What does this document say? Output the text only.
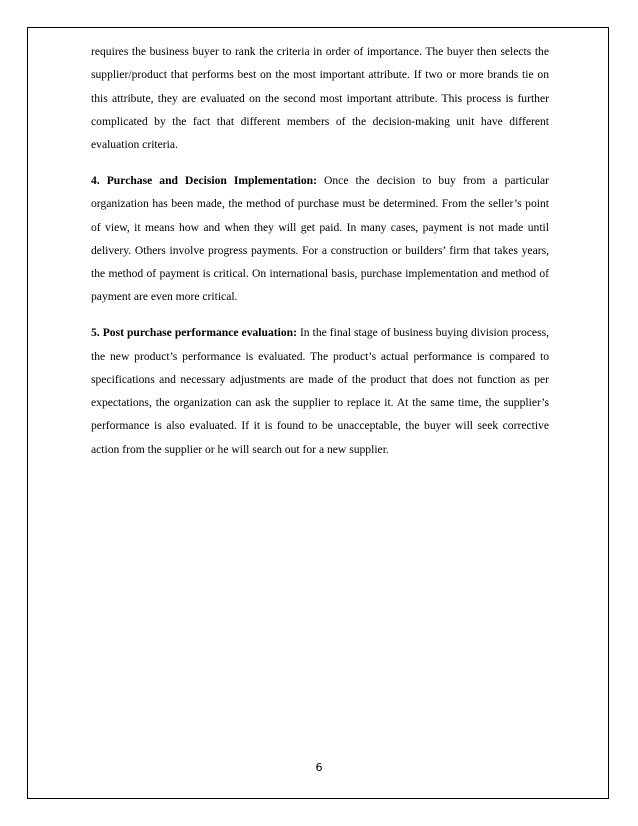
requires the business buyer to rank the criteria in order of importance. The buyer then selects the supplier/product that performs best on the most important attribute. If two or more brands tie on this attribute, they are evaluated on the second most important attribute. This process is further complicated by the fact that different members of the decision-making unit have different evaluation criteria.

4. Purchase and Decision Implementation: Once the decision to buy from a particular organization has been made, the method of purchase must be determined. From the seller’s point of view, it means how and when they will get paid. In many cases, payment is not made until delivery. Others involve progress payments. For a construction or builders’ firm that takes years, the method of payment is critical. On international basis, purchase implementation and method of payment are even more critical.

5. Post purchase performance evaluation: In the final stage of business buying division process, the new product’s performance is evaluated. The product’s actual performance is compared to specifications and necessary adjustments are made of the product that does not function as per expectations, the organization can ask the supplier to replace it. At the same time, the supplier’s performance is also evaluated. If it is found to be unacceptable, the buyer will seek corrective action from the supplier or he will search out for a new supplier.

6
